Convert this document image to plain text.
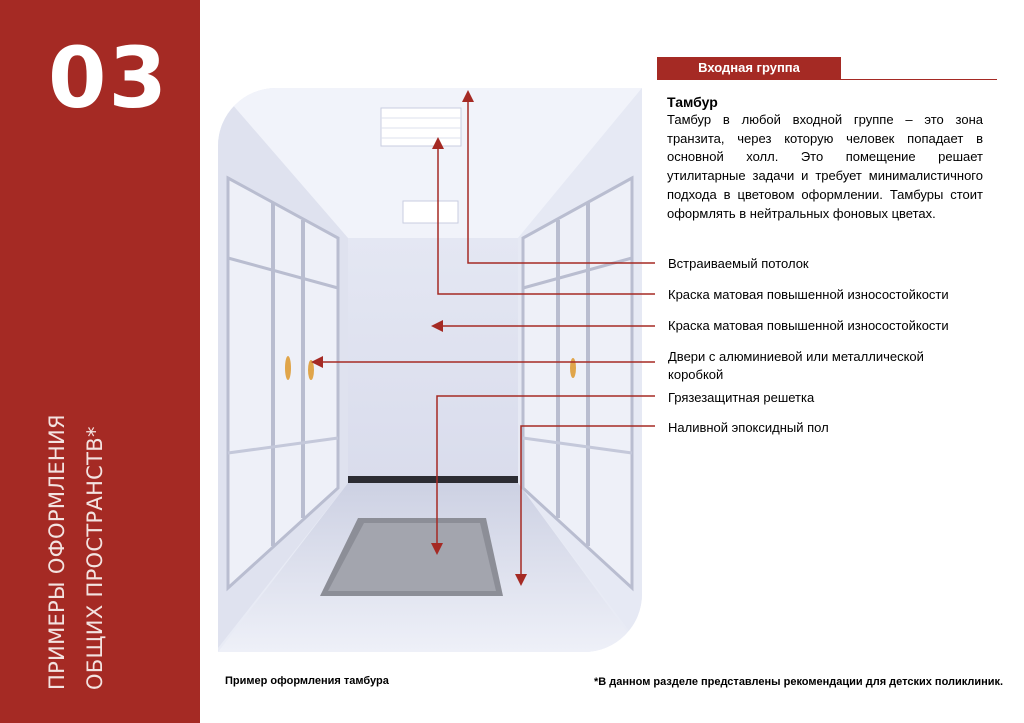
03
ПРИМЕРЫ ОФОРМЛЕНИЯ ОБЩИХ ПРОСТРАНСТВ*
Входная группа
Тамбур
Тамбур в любой входной группе – это зона транзита, через которую человек попадает в основной холл. Это помещение решает утилитарные задачи и требует минималистичного подхода в цветовом оформлении. Тамбуры стоит оформлять в нейтральных фоновых цветах.
Встраиваемый потолок
Краска матовая повышенной износостойкости
Краска матовая повышенной износостойкости
Двери с алюминиевой или металлической коробкой
Грязезащитная решетка
Наливной эпоксидный пол
Пример оформления тамбура	*В данном разделе представлены рекомендации для детских поликлиник.
